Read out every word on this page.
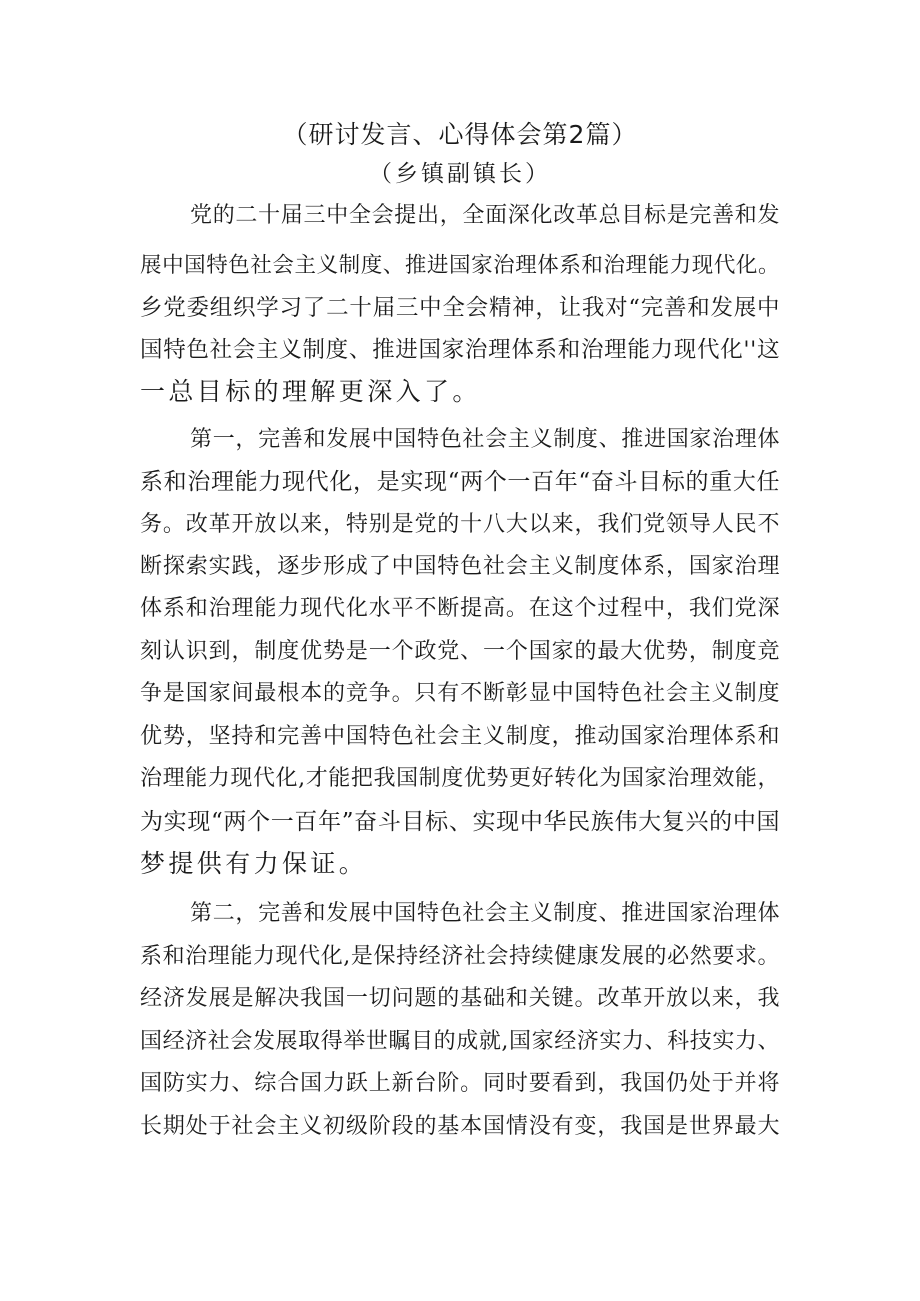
（研讨发言、心得体会第2篇）
（乡镇副镇长）
党的二十届三中全会提出，全面深化改革总目标是完善和发
展中国特色社会主义制度、推进国家治理体系和治理能力现代化。
乡党委组织学习了二十届三中全会精神，让我对“完善和发展中
国特色社会主义制度、推进国家治理体系和治理能力现代化''这
一总目标的理解更深入了。
第一，完善和发展中国特色社会主义制度、推进国家治理体
系和治理能力现代化，是实现“两个一百年“奋斗目标的重大任
务。改革开放以来，特别是党的十八大以来，我们党领导人民不
断探索实践，逐步形成了中国特色社会主义制度体系，国家治理
体系和治理能力现代化水平不断提高。在这个过程中，我们党深
刻认识到，制度优势是一个政党、一个国家的最大优势，制度竞
争是国家间最根本的竞争。只有不断彰显中国特色社会主义制度
优势，坚持和完善中国特色社会主义制度，推动国家治理体系和
治理能力现代化,才能把我国制度优势更好转化为国家治理效能，
为实现“两个一百年”奋斗目标、实现中华民族伟大复兴的中国
梦提供有力保证。
第二，完善和发展中国特色社会主义制度、推进国家治理体
系和治理能力现代化,是保持经济社会持续健康发展的必然要求。
经济发展是解决我国一切问题的基础和关键。改革开放以来，我
国经济社会发展取得举世瞩目的成就,国家经济实力、科技实力、
国防实力、综合国力跃上新台阶。同时要看到，我国仍处于并将
长期处于社会主义初级阶段的基本国情没有变，我国是世界最大
